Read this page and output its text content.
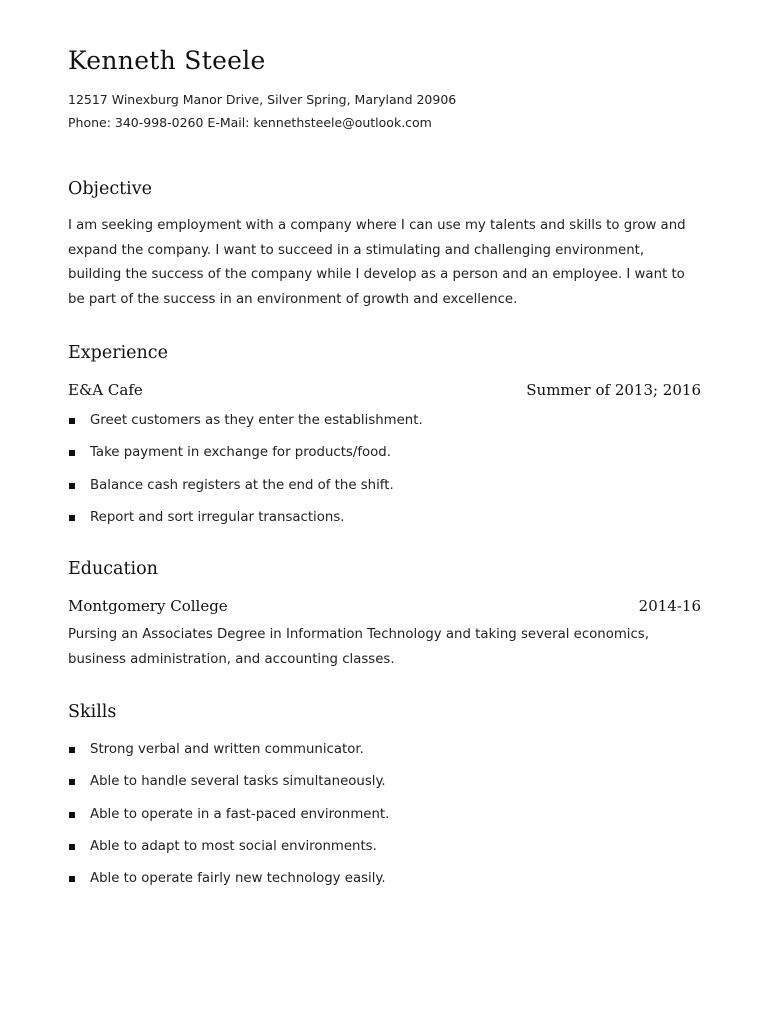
Kenneth Steele
12517 Winexburg Manor Drive, Silver Spring, Maryland 20906
Phone: 340-998-0260 E-Mail: kennethsteele@outlook.com
Objective
I am seeking employment with a company where I can use my talents and skills to grow and expand the company. I want to succeed in a stimulating and challenging environment, building the success of the company while I develop as a person and an employee. I want to be part of the success in an environment of growth and excellence.
Experience
E&A Cafe	Summer of 2013; 2016
Greet customers as they enter the establishment.
Take payment in exchange for products/food.
Balance cash registers at the end of the shift.
Report and sort irregular transactions.
Education
Montgomery College	2014-16
Pursing an Associates Degree in Information Technology and taking several economics, business administration, and accounting classes.
Skills
Strong verbal and written communicator.
Able to handle several tasks simultaneously.
Able to operate in a fast-paced environment.
Able to adapt to most social environments.
Able to operate fairly new technology easily.
